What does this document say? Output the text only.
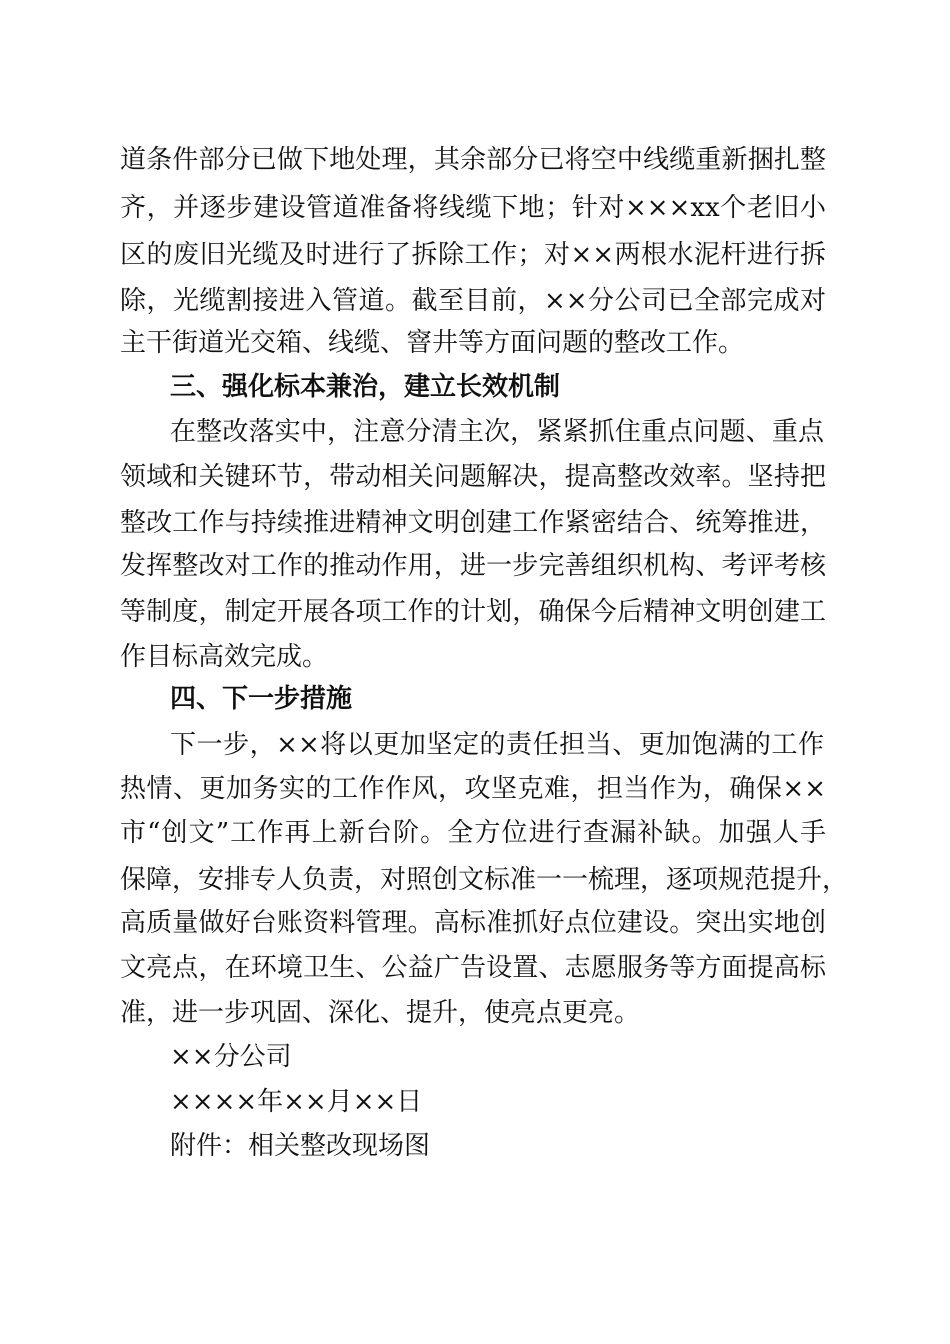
道条件部分已做下地处理，其余部分已将空中线缆重新捆扎整
齐，并逐步建设管道准备将线缆下地；针对×××xx个老旧小
区的废旧光缆及时进行了拆除工作；对××两根水泥杆进行拆
除，光缆割接进入管道。截至目前，××分公司已全部完成对
主干街道光交箱、线缆、窨井等方面问题的整改工作。
三、强化标本兼治，建立长效机制
在整改落实中，注意分清主次，紧紧抓住重点问题、重点
领域和关键环节，带动相关问题解决，提高整改效率。坚持把
整改工作与持续推进精神文明创建工作紧密结合、统筹推进，
发挥整改对工作的推动作用，进一步完善组织机构、考评考核
等制度，制定开展各项工作的计划，确保今后精神文明创建工
作目标高效完成。
四、下一步措施
下一步，××将以更加坚定的责任担当、更加饱满的工作
热情、更加务实的工作作风，攻坚克难，担当作为，确保××
市“创文”工作再上新台阶。全方位进行查漏补缺。加强人手
保障，安排专人负责，对照创文标准一一梳理，逐项规范提升，
高质量做好台账资料管理。高标准抓好点位建设。突出实地创
文亮点，在环境卫生、公益广告设置、志愿服务等方面提高标
准，进一步巩固、深化、提升，使亮点更亮。
××分公司
××××年××月××日
附件：相关整改现场图
